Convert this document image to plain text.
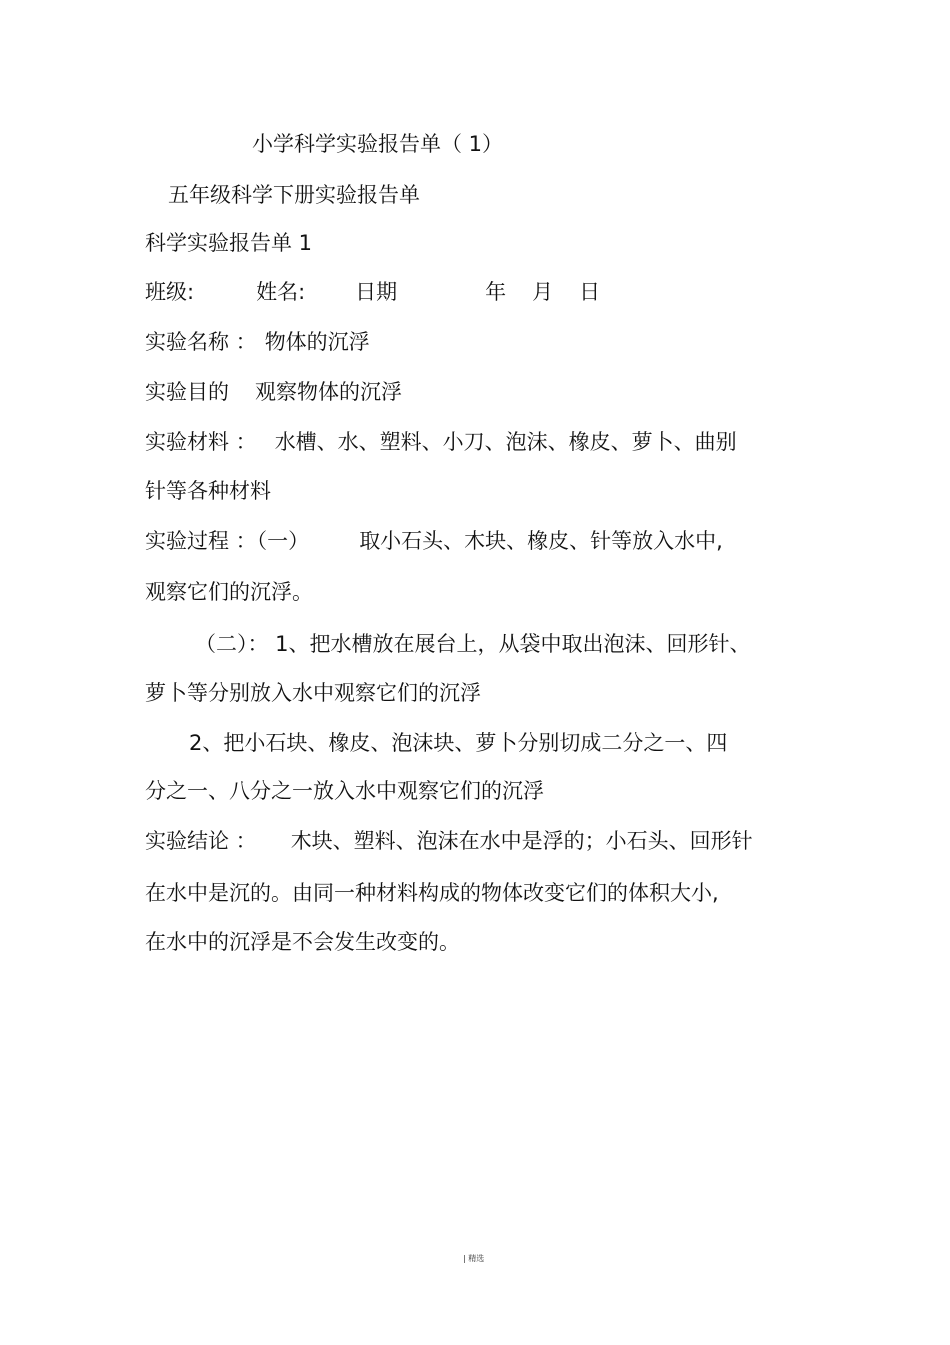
小学科学实验报告单（ 1）
五年级科学下册实验报告单
科学实验报告单 1
班级:	姓名: 日期	年 月 日
实验名称 ： 物体的沉浮
实验目的 观察物体的沉浮
实验材料 ： 水槽、水、塑料、小刀、泡沫、橡皮、萝卜、曲别
针等各种材料
实验过程 ：（一） 取小石头、木块、橡皮、针等放入水中,
观察它们的沉浮。
（二）： 1、把水槽放在展台上，从袋中取出泡沫、回形针、
萝卜等分别放入水中观察它们的沉浮
2、把小石块、橡皮、泡沫块、萝卜分别切成二分之一、四
分之一、八分之一放入水中观察它们的沉浮
实验结论 ： 木块、塑料、泡沫在水中是浮的；小石头、回形针
在水中是沉的。由同一种材料构成的物体改变它们的体积大小,
在水中的沉浮是不会发生改变的。
| 精选
